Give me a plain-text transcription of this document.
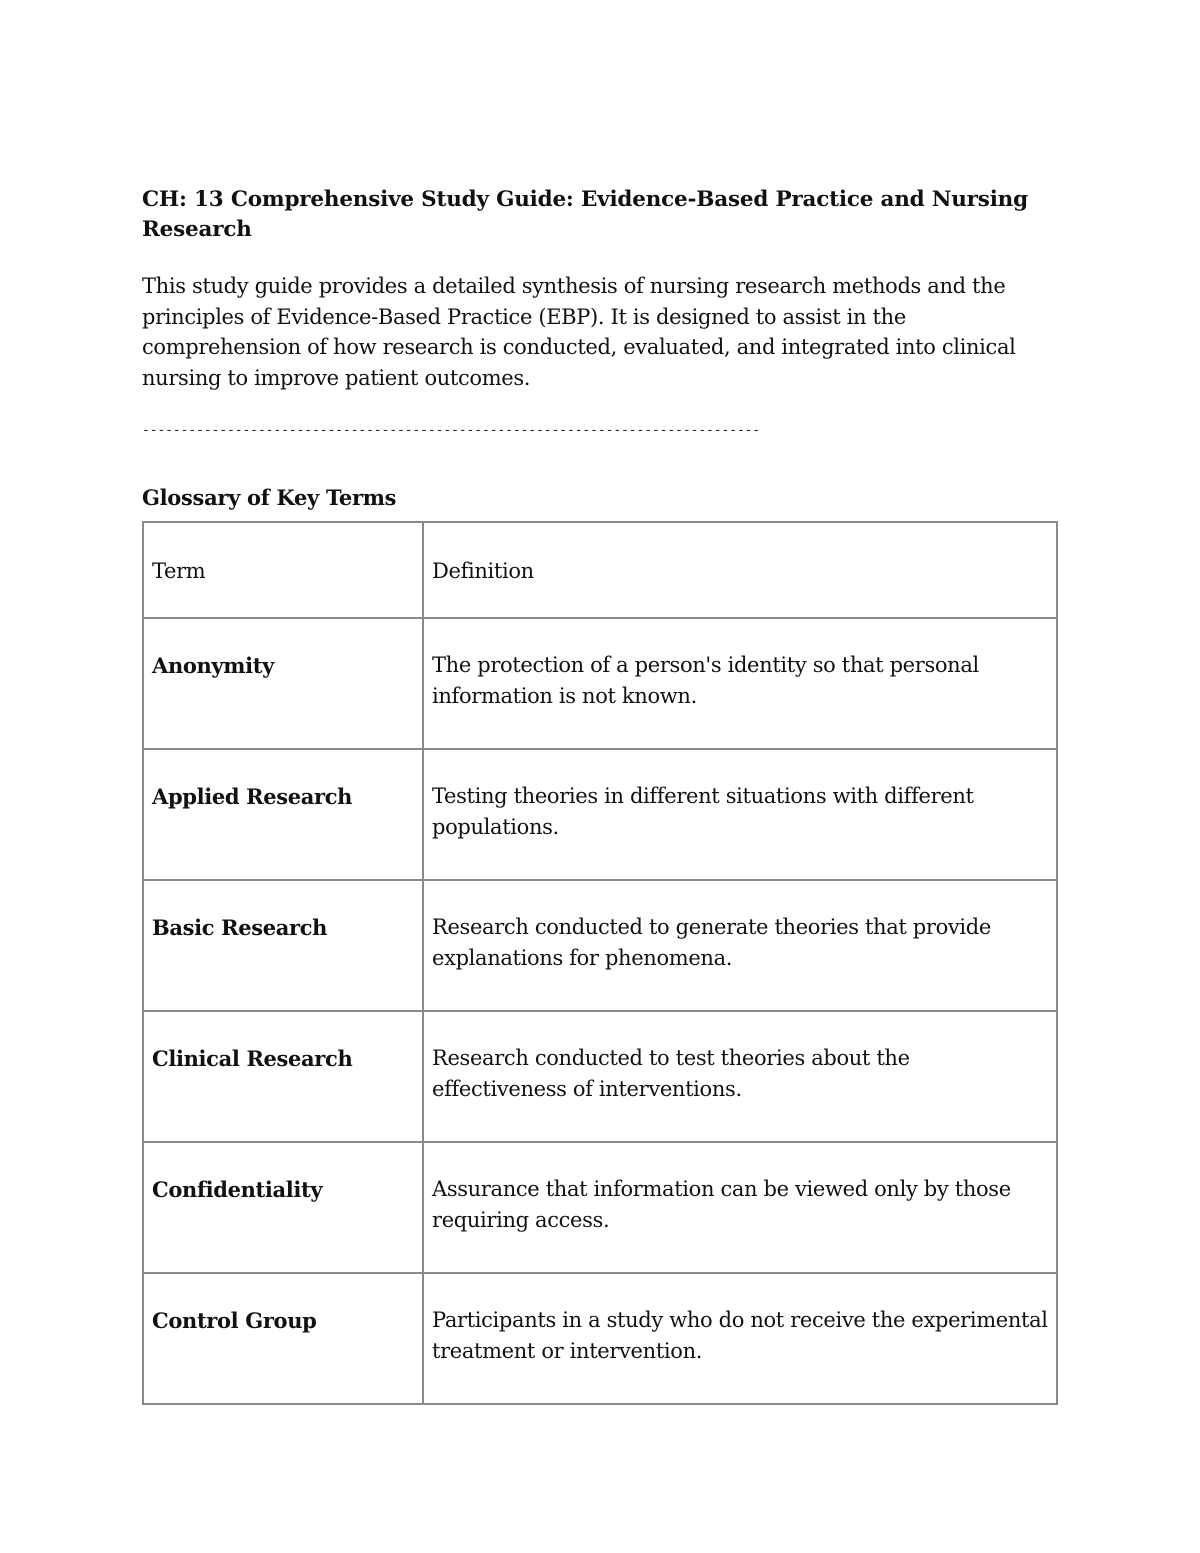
CH: 13 Comprehensive Study Guide: Evidence-Based Practice and Nursing Research

This study guide provides a detailed synthesis of nursing research methods and the principles of Evidence-Based Practice (EBP). It is designed to assist in the comprehension of how research is conducted, evaluated, and integrated into clinical nursing to improve patient outcomes.

--------------------------------------------------------------------------------
Glossary of Key Terms
Term	Definition
Anonymity	The protection of a person's identity so that personal information is not known.
Applied Research	Testing theories in different situations with different populations.
Basic Research	Research conducted to generate theories that provide explanations for phenomena.
Clinical Research	Research conducted to test theories about the effectiveness of interventions.
Confidentiality	Assurance that information can be viewed only by those requiring access.
Control Group	Participants in a study who do not receive the experimental treatment or intervention.
